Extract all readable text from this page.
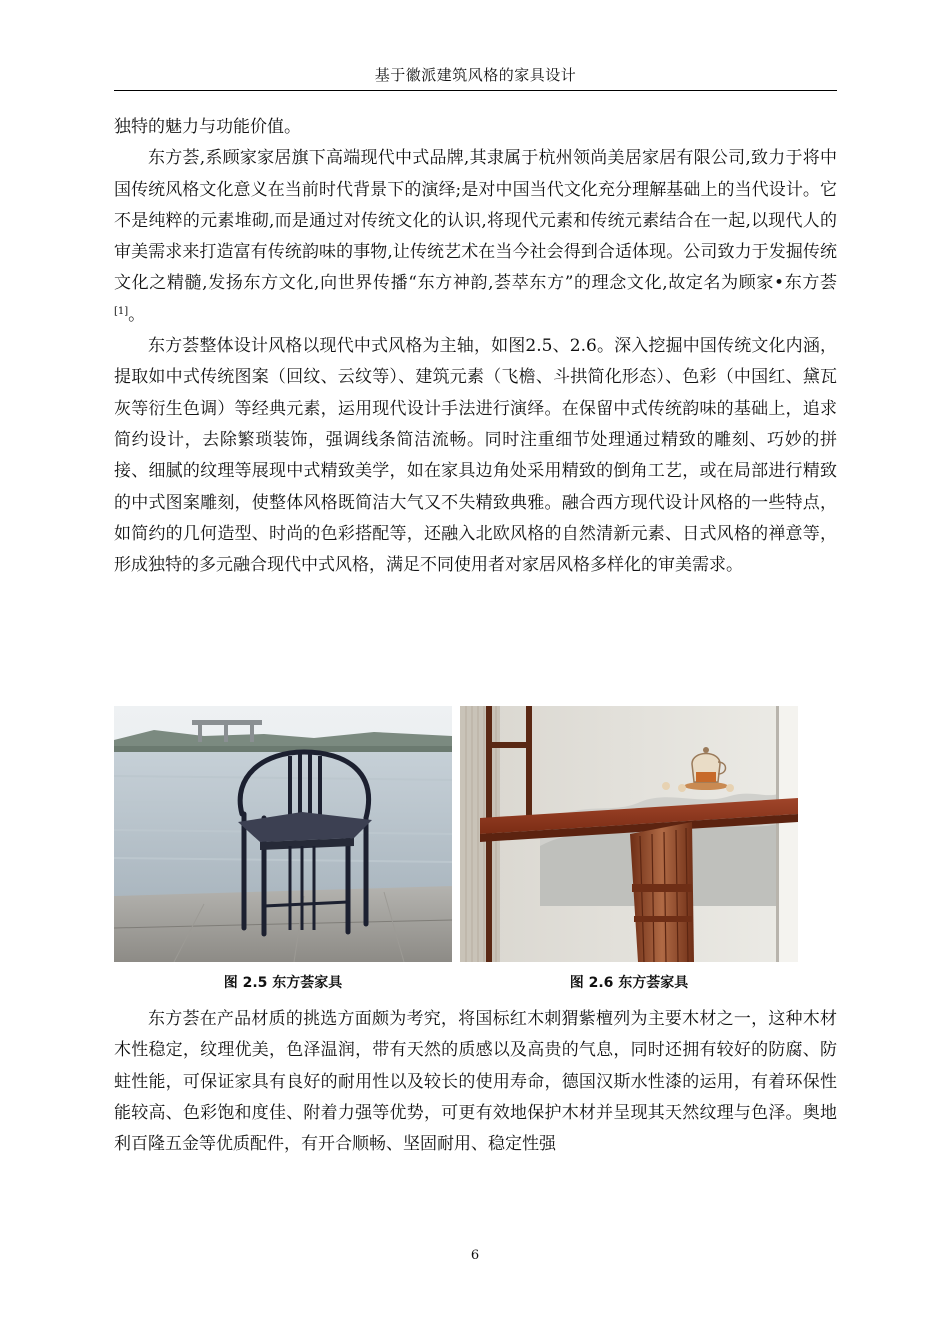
基于徽派建筑风格的家具设计

独特的魅力与功能价值。

东方荟,系顾家家居旗下高端现代中式品牌,其隶属于杭州领尚美居家居有限公司,致力于将中国传统风格文化意义在当前时代背景下的演绎;是对中国当代文化充分理解基础上的当代设计。它不是纯粹的元素堆砌,而是通过对传统文化的认识,将现代元素和传统元素结合在一起,以现代人的审美需求来打造富有传统韵味的事物,让传统艺术在当今社会得到合适体现。公司致力于发掘传统文化之精髓,发扬东方文化,向世界传播“东方神韵,荟萃东方”的理念文化,故定名为顾家•东方荟[1]。

东方荟整体设计风格以现代中式风格为主轴，如图2.5、2.6。深入挖掘中国传统文化内涵，提取如中式传统图案（回纹、云纹等）、建筑元素（飞檐、斗拱简化形态）、色彩（中国红、黛瓦灰等衍生色调）等经典元素，运用现代设计手法进行演绎。在保留中式传统韵味的基础上，追求简约设计，去除繁琐装饰，强调线条简洁流畅。同时注重细节处理通过精致的雕刻、巧妙的拼接、细腻的纹理等展现中式精致美学，如在家具边角处采用精致的倒角工艺，或在局部进行精致的中式图案雕刻，使整体风格既简洁大气又不失精致典雅。融合西方现代设计风格的一些特点，如简约的几何造型、时尚的色彩搭配等，还融入北欧风格的自然清新元素、日式风格的禅意等，形成独特的多元融合现代中式风格，满足不同使用者对家居风格多样化的审美需求。

图 2.5 东方荟家具	图 2.6 东方荟家具

东方荟在产品材质的挑选方面颇为考究，将国标红木刺猬紫檀列为主要木材之一，这种木材木性稳定，纹理优美，色泽温润，带有天然的质感以及高贵的气息，同时还拥有较好的防腐、防蛀性能，可保证家具有良好的耐用性以及较长的使用寿命，德国汉斯水性漆的运用，有着环保性能较高、色彩饱和度佳、附着力强等优势，可更有效地保护木材并呈现其天然纹理与色泽。奥地利百隆五金等优质配件，有开合顺畅、坚固耐用、稳定性强

6
